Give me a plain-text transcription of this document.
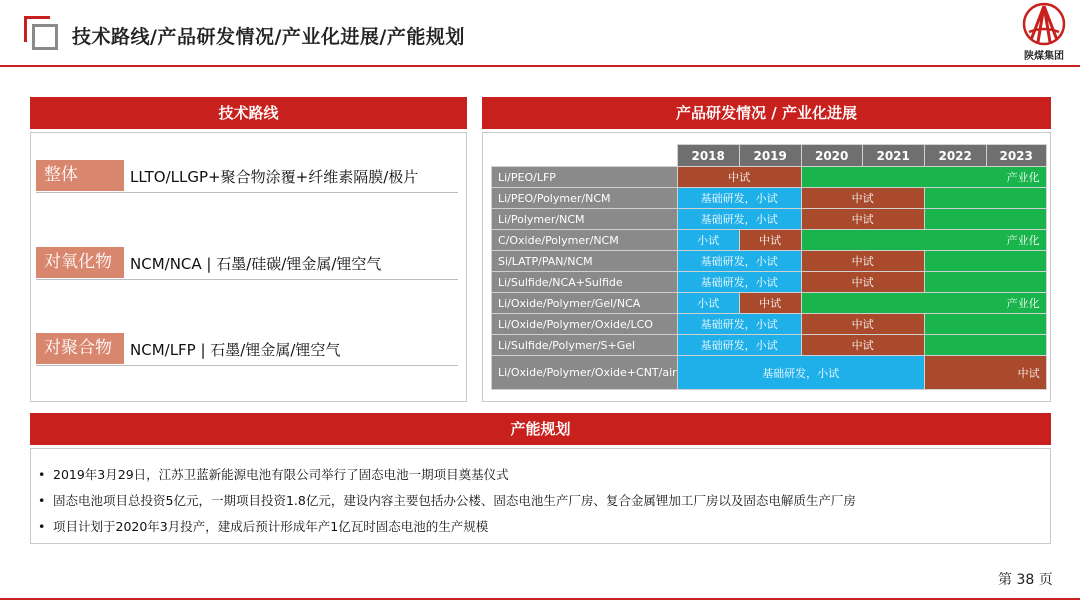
技术路线/产品研发情况/产业化进展/产能规划
陕煤集团
技术路线
整体	LLTO/LLGP+聚合物涂覆+纤维素隔膜/极片
对氧化物	NCM/NCA | 石墨/硅碳/锂金属/锂空气
对聚合物	NCM/LFP | 石墨/锂金属/锂空气
产品研发情况 / 产业化进展
	2018	2019	2020	2021	2022	2023
Li/PEO/LFP	中试		产业化			
Li/PEO/Polymer/NCM	基础研发，小试		中试			
Li/Polymer/NCM	基础研发，小试		中试			
C/Oxide/Polymer/NCM	小试	中试	产业化			
Si/LATP/PAN/NCM	基础研发，小试		中试			
Li/Sulfide/NCA+Sulfide	基础研发，小试		中试			
Li/Oxide/Polymer/Gel/NCA	小试	中试	产业化			
Li/Oxide/Polymer/Oxide/LCO	基础研发，小试		中试			
Li/Sulfide/Polymer/S+Gel	基础研发，小试		中试			
Li/Oxide/Polymer/Oxide+CNT/air	基础研发，小试				中试	
产能规划
• 2019年3月29日，江苏卫蓝新能源电池有限公司举行了固态电池一期项目奠基仪式
• 固态电池项目总投资5亿元，一期项目投资1.8亿元，建设内容主要包括办公楼、固态电池生产厂房、复合金属锂加工厂房以及固态电解质生产厂房
• 项目计划于2020年3月投产，建成后预计形成年产1亿瓦时固态电池的生产规模
第 38 页
